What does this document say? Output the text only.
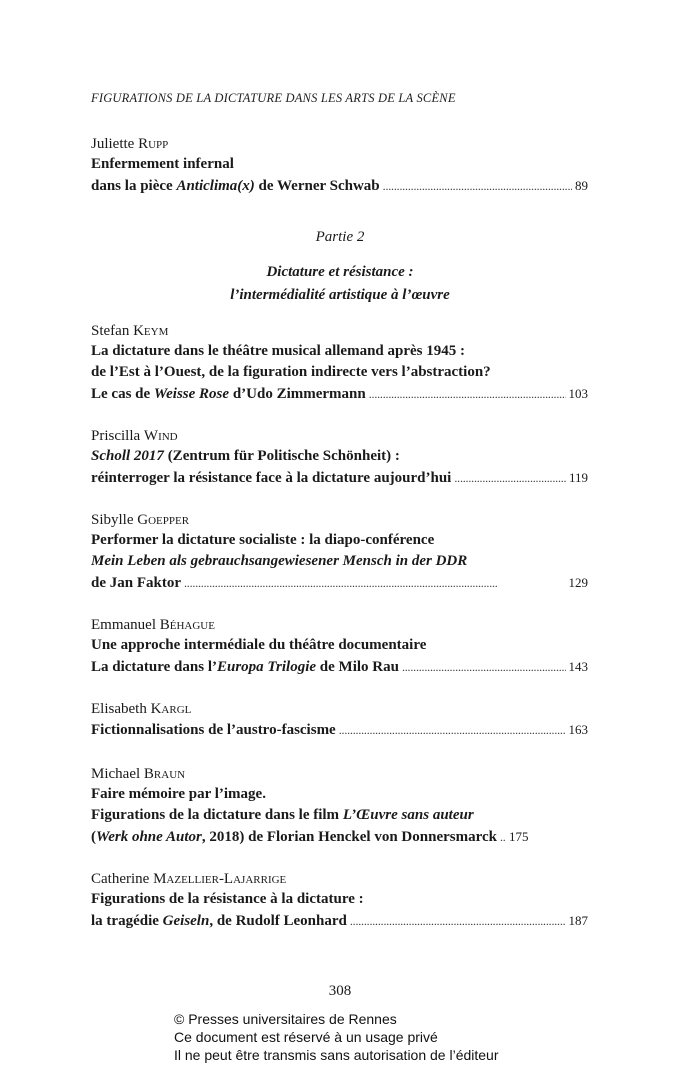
FIGURATIONS DE LA DICTATURE DANS LES ARTS DE LA SCÈNE
Juliette Rupp
Enfermement infernal
dans la pièce Anticlima(x) de Werner Schwab . . .	89
Partie 2
Dictature et résistance :
l’intermédialité artistique à l’œuvre
Stefan Keym
La dictature dans le théâtre musical allemand après 1945 :
de l’Est à l’Ouest, de la figuration indirecte vers l’abstraction?
Le cas de Weisse Rose d’Udo Zimmermann . . .	103
Priscilla Wind
Scholl 2017 (Zentrum für Politische Schönheit) :
réinterroger la résistance face à la dictature aujourd’hui . . .	119
Sibylle Goepper
Performer la dictature socialiste : la diapo-conférence
Mein Leben als gebrauchsangewiesener Mensch in der DDR
de Jan Faktor . . .	129
Emmanuel Béhague
Une approche intermédiale du théâtre documentaire
La dictature dans l’Europa Trilogie de Milo Rau . . .	143
Elisabeth Kargl
Fictionnalisations de l’austro-fascisme . . .	163
Michael Braun
Faire mémoire par l’image.
Figurations de la dictature dans le film L’Œuvre sans auteur
(Werk ohne Autor, 2018) de Florian Henckel von Donnersmarck . . . 175
Catherine Mazellier-Lajarrige
Figurations de la résistance à la dictature :
la tragédie Geiseln, de Rudolf Leonhard . . .	187
308
© Presses universitaires de Rennes
Ce document est réservé à un usage privé
Il ne peut être transmis sans autorisation de l’éditeur
